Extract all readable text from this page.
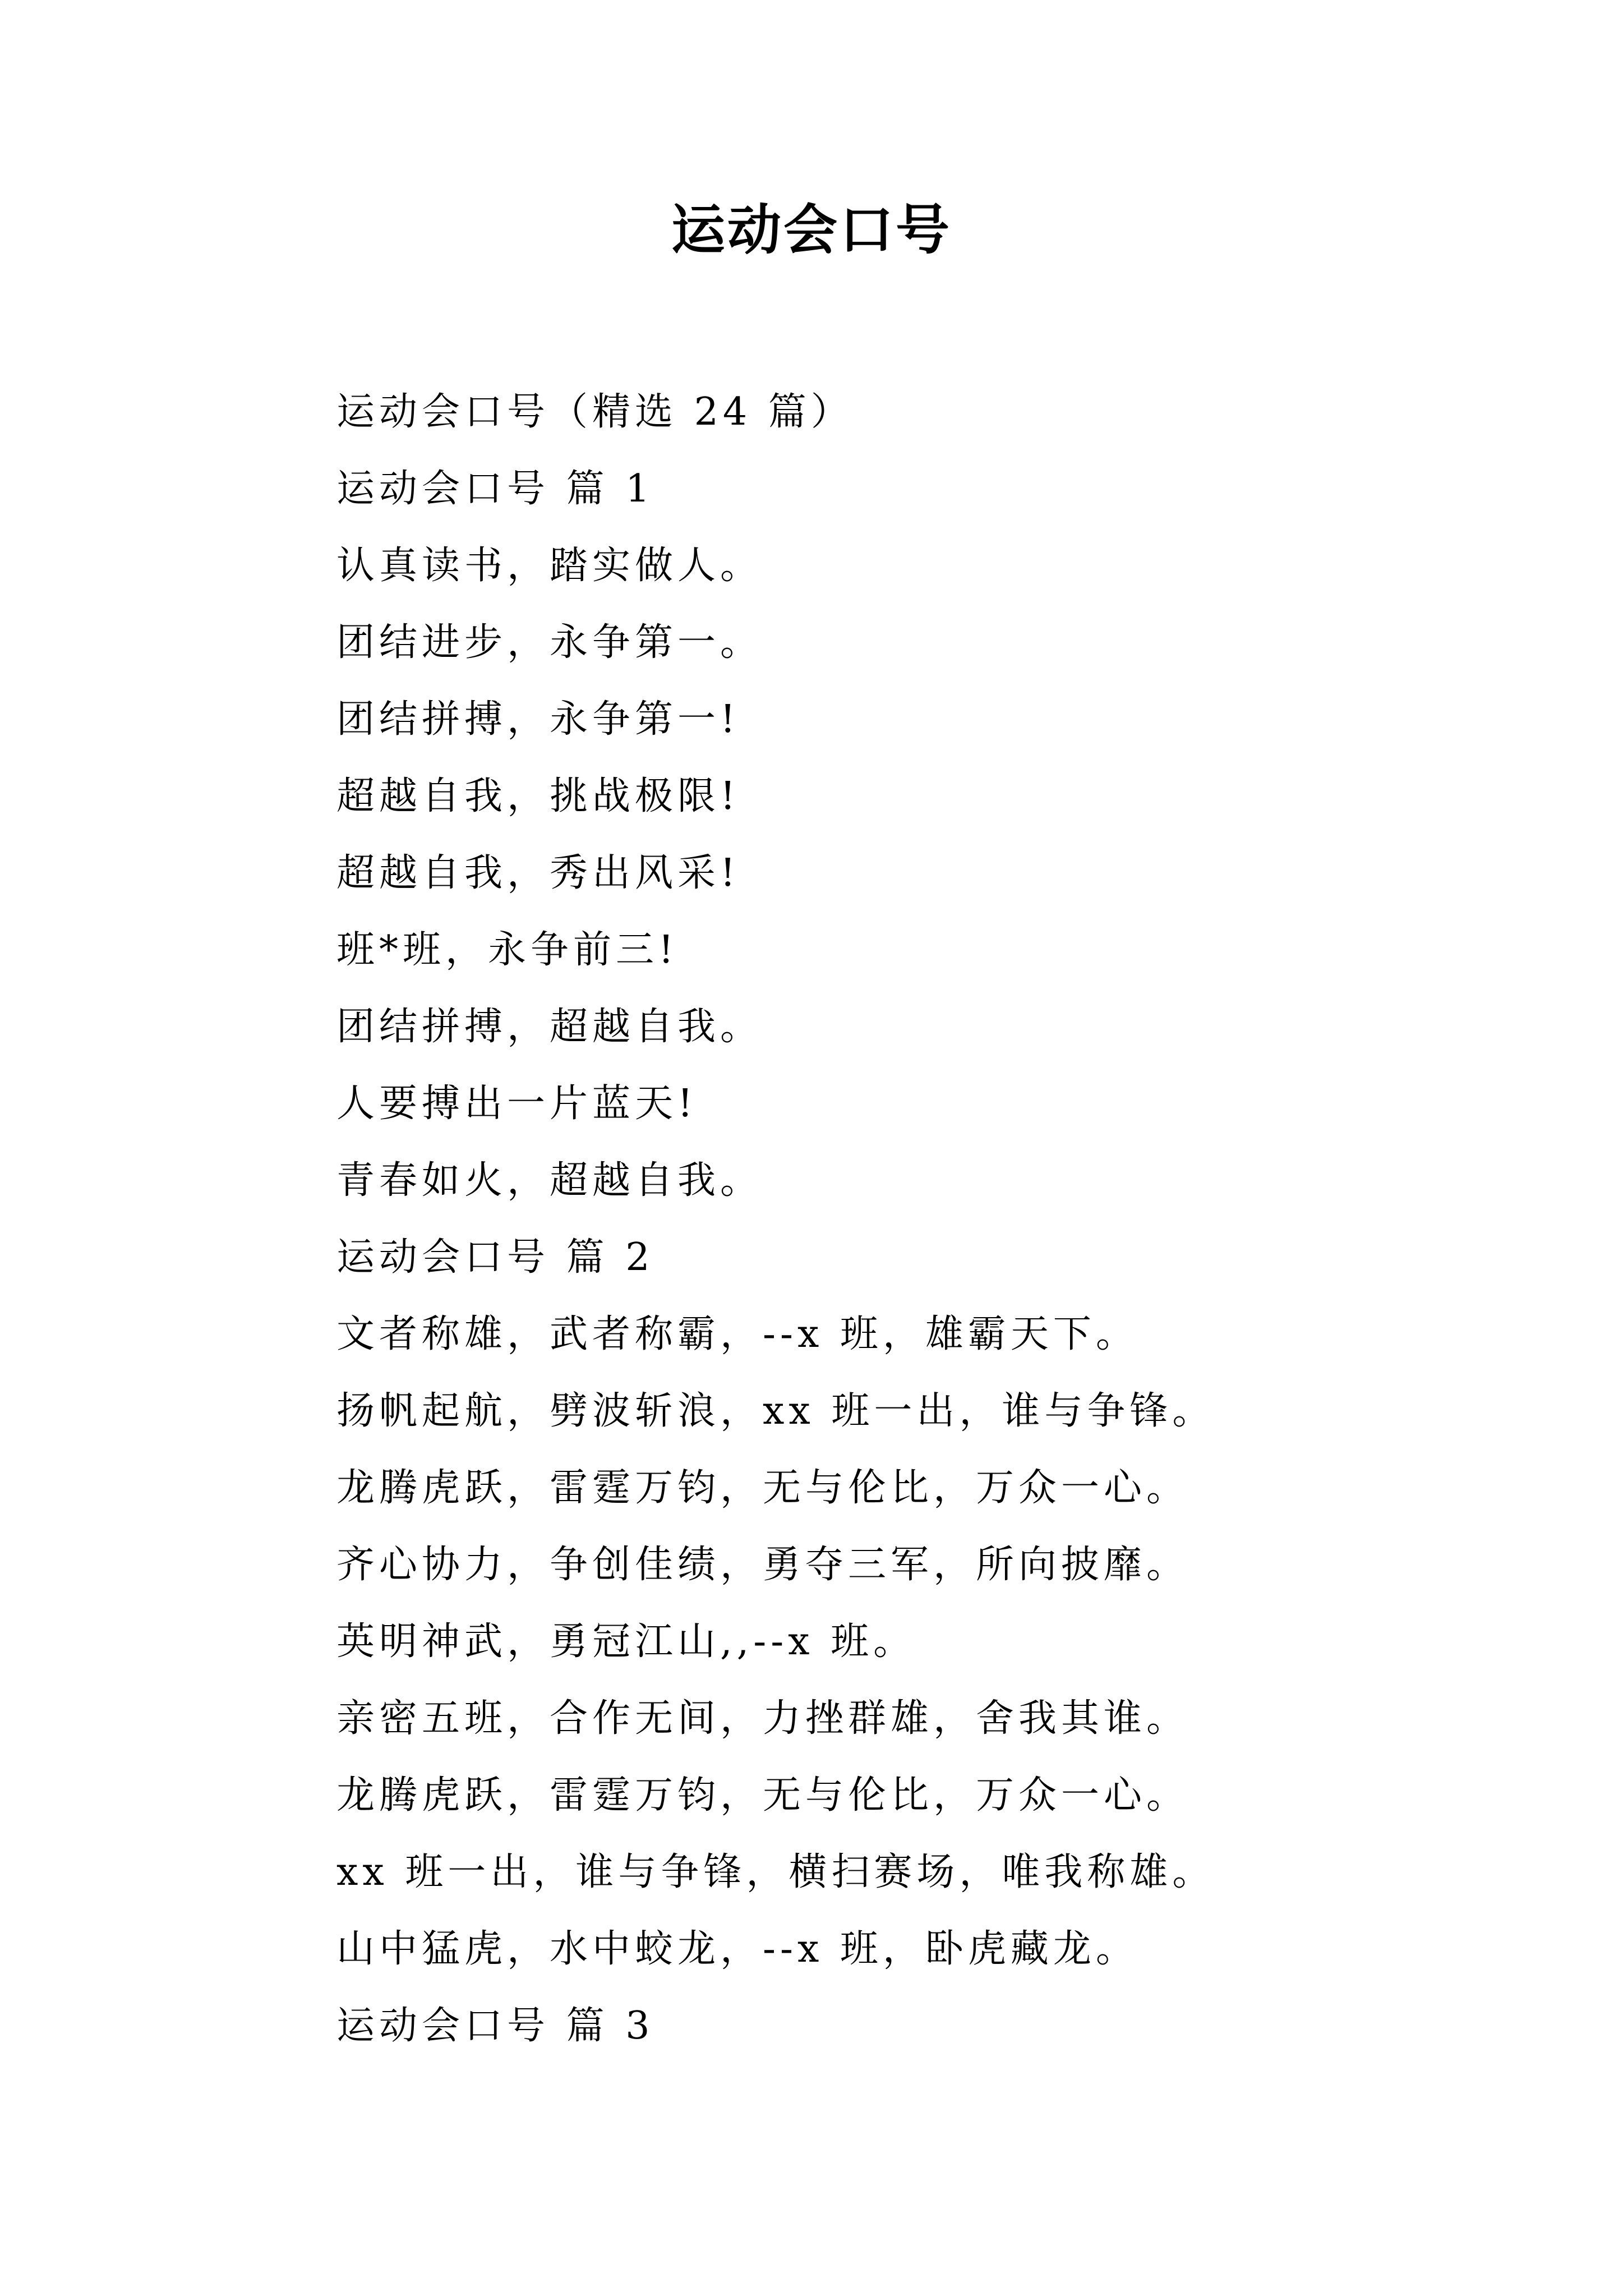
运动会口号
运动会口号（精选 24 篇）
运动会口号 篇 1
认真读书，踏实做人。
团结进步，永争第一。
团结拼搏，永争第一!
超越自我，挑战极限!
超越自我，秀出风采!
班*班，永争前三!
团结拼搏，超越自我。
人要搏出一片蓝天!
青春如火，超越自我。
运动会口号 篇 2
文者称雄，武者称霸，--x 班，雄霸天下。
扬帆起航，劈波斩浪，xx 班一出，谁与争锋。
龙腾虎跃，雷霆万钧，无与伦比，万众一心。
齐心协力，争创佳绩，勇夺三军，所向披靡。
英明神武，勇冠江山,,--x 班。
亲密五班，合作无间，力挫群雄，舍我其谁。
龙腾虎跃，雷霆万钧，无与伦比，万众一心。
xx 班一出，谁与争锋，横扫赛场，唯我称雄。
山中猛虎，水中蛟龙，--x 班，卧虎藏龙。
运动会口号 篇 3
